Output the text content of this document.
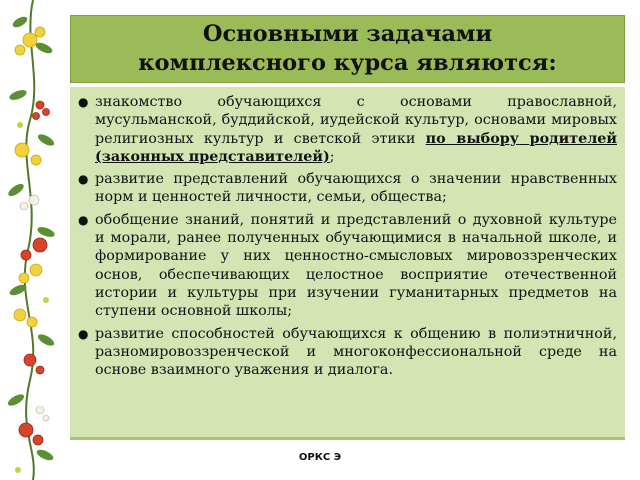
Основными задачами
комплексного курса являются:
● знакомство обучающихся с основами православной, мусульманской, буддийской, иудейской культур, основами мировых религиозных культур и светской этики по выбору родителей (законных представителей);
● развитие представлений обучающихся о значении нравственных норм и ценностей личности, семьи, общества;
● обобщение знаний, понятий и представлений о духовной культуре и морали, ранее полученных обучающимися в начальной школе, и формирование у них ценностно-смысловых мировоззренческих основ, обеспечивающих целостное восприятие отечественной истории и культуры при изучении гуманитарных предметов на ступени основной школы;
● развитие способностей обучающихся к общению в полиэтничной, разномировоззренческой и многоконфессиональной среде на основе взаимного уважения и диалога.
ОРКС Э
